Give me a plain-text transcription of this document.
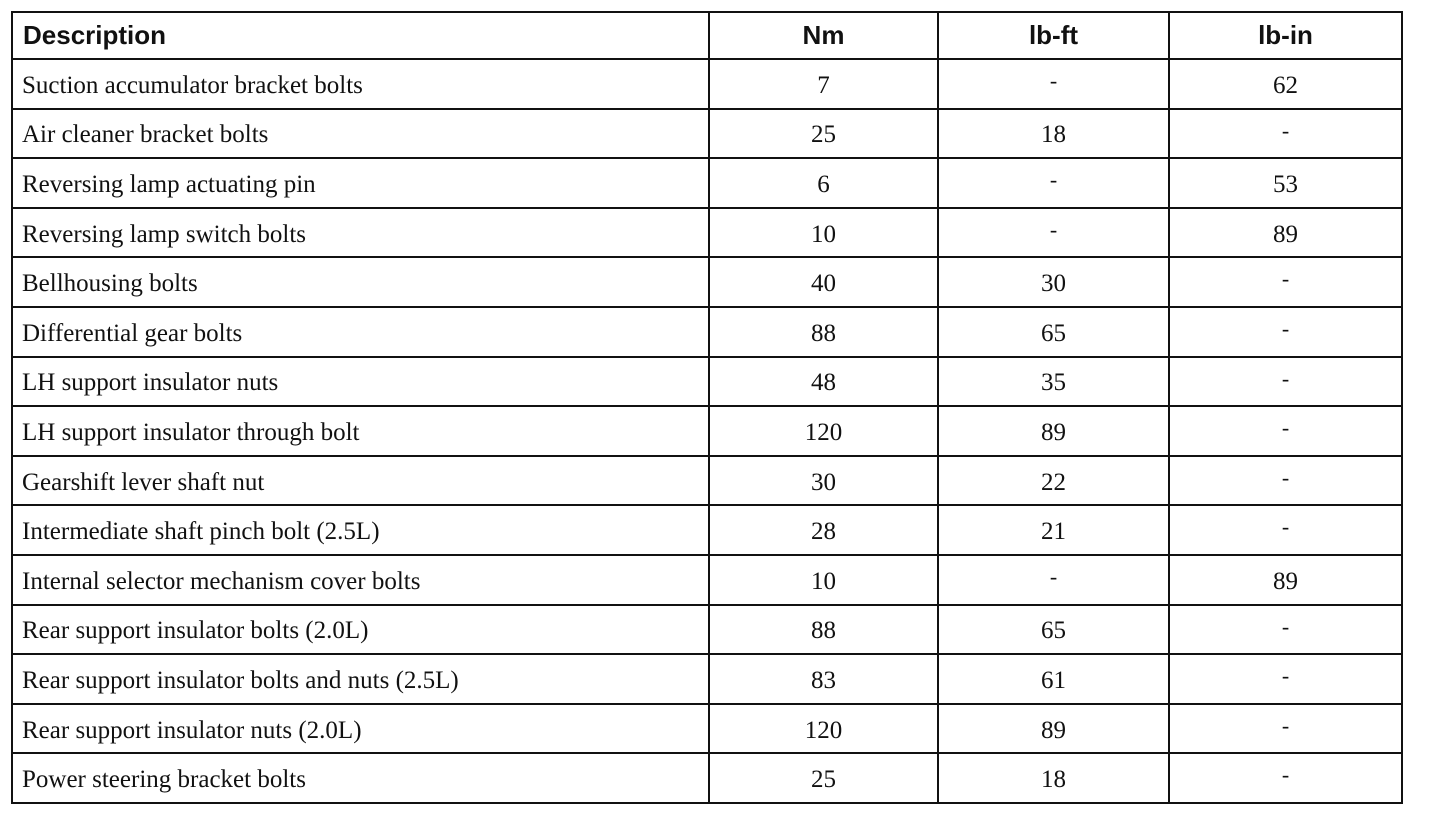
Description	Nm	lb-ft	lb-in
Suction accumulator bracket bolts	7	-	62
Air cleaner bracket bolts	25	18	-
Reversing lamp actuating pin	6	-	53
Reversing lamp switch bolts	10	-	89
Bellhousing bolts	40	30	-
Differential gear bolts	88	65	-
LH support insulator nuts	48	35	-
LH support insulator through bolt	120	89	-
Gearshift lever shaft nut	30	22	-
Intermediate shaft pinch bolt (2.5L)	28	21	-
Internal selector mechanism cover bolts	10	-	89
Rear support insulator bolts (2.0L)	88	65	-
Rear support insulator bolts and nuts (2.5L)	83	61	-
Rear support insulator nuts (2.0L)	120	89	-
Power steering bracket bolts	25	18	-
